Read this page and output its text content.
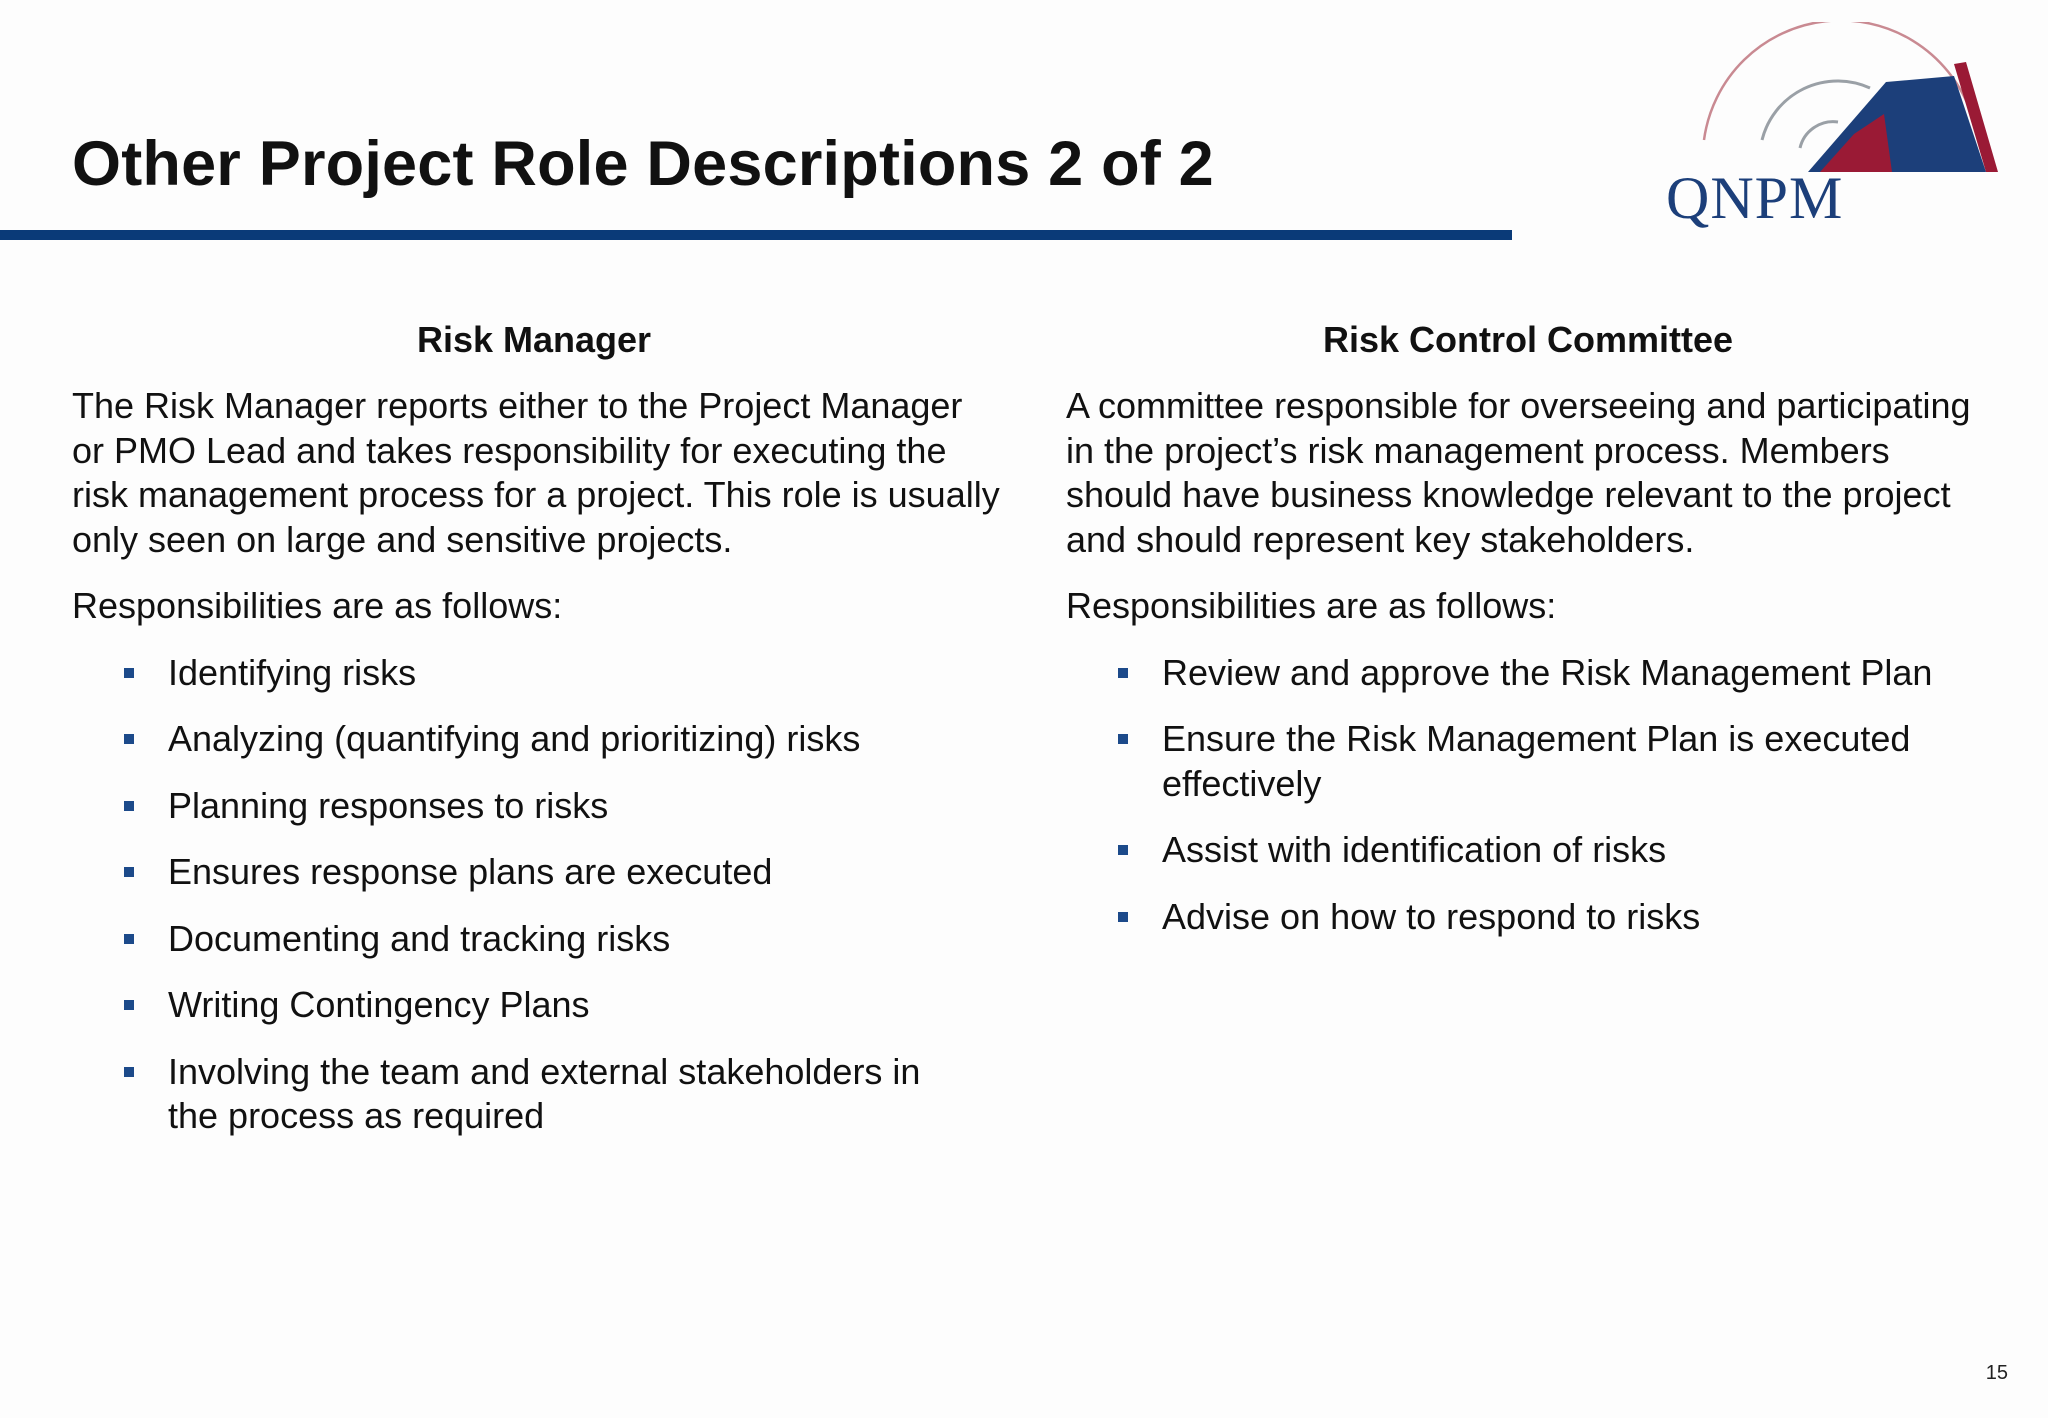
Other Project Role Descriptions 2 of 2	QNPM
Risk Manager

The Risk Manager reports either to the Project Manager or PMO Lead and takes responsibility for executing the risk management process for a project. This role is usually only seen on large and sensitive projects.

Responsibilities are as follows:

Identifying risks
Analyzing (quantifying and prioritizing) risks
Planning responses to risks
Ensures response plans are executed
Documenting and tracking risks
Writing Contingency Plans
Involving the team and external stakeholders in the process as required
Risk Control Committee

A committee responsible for overseeing and participating in the project’s risk management process. Members should have business knowledge relevant to the project and should represent key stakeholders.

Responsibilities are as follows:

Review and approve the Risk Management Plan
Ensure the Risk Management Plan is executed effectively
Assist with identification of risks
Advise on how to respond to risks
15
